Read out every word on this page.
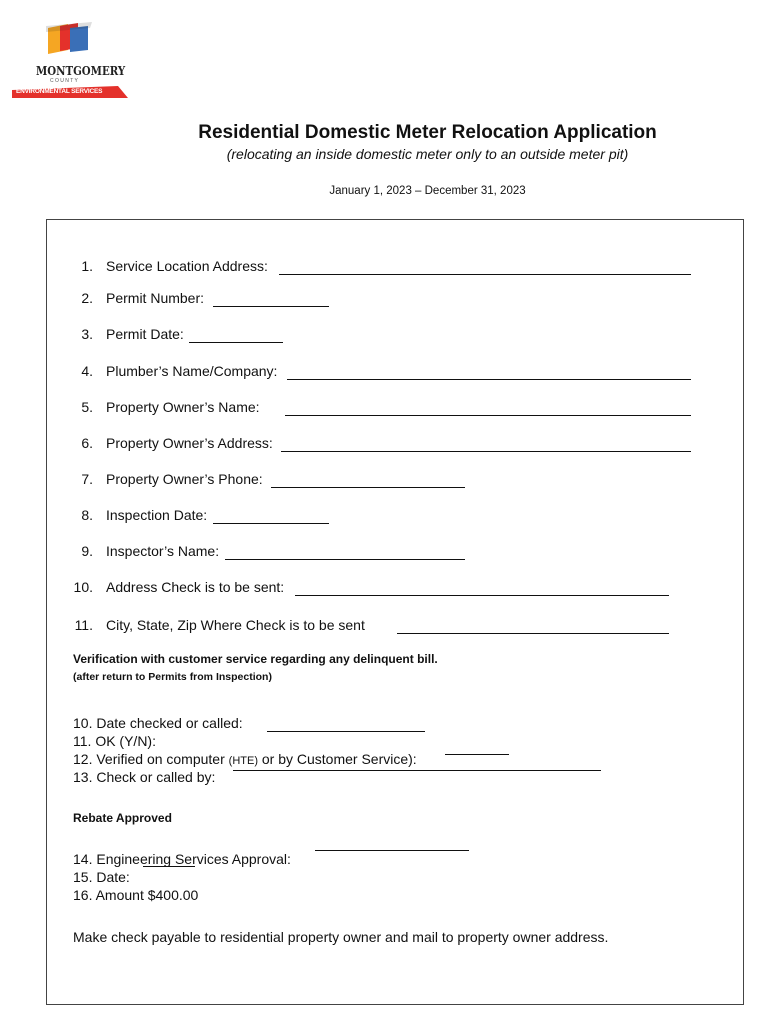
MONTGOMERY
C O U N T Y
ENVIRONMENTAL SERVICES
Residential Domestic Meter Relocation Application
(relocating an inside domestic meter only to an outside meter pit)
January 1, 2023 – December 31, 2023
1. Service Location Address:
2. Permit Number:
3. Permit Date:
4. Plumber’s Name/Company:
5. Property Owner’s Name:
6. Property Owner’s Address:
7. Property Owner’s Phone:
8. Inspection Date:
9. Inspector’s Name:
10. Address Check is to be sent:
11. City, State, Zip Where Check is to be sent
Verification with customer service regarding any delinquent bill.
(after return to Permits from Inspection)
10. Date checked or called:
11. OK (Y/N):
12. Verified on computer (HTE) or by Customer Service):
13. Check or called by:
Rebate Approved
14. Engineering Services Approval:
15. Date:
16. Amount $400.00
Make check payable to residential property owner and mail to property owner address.
